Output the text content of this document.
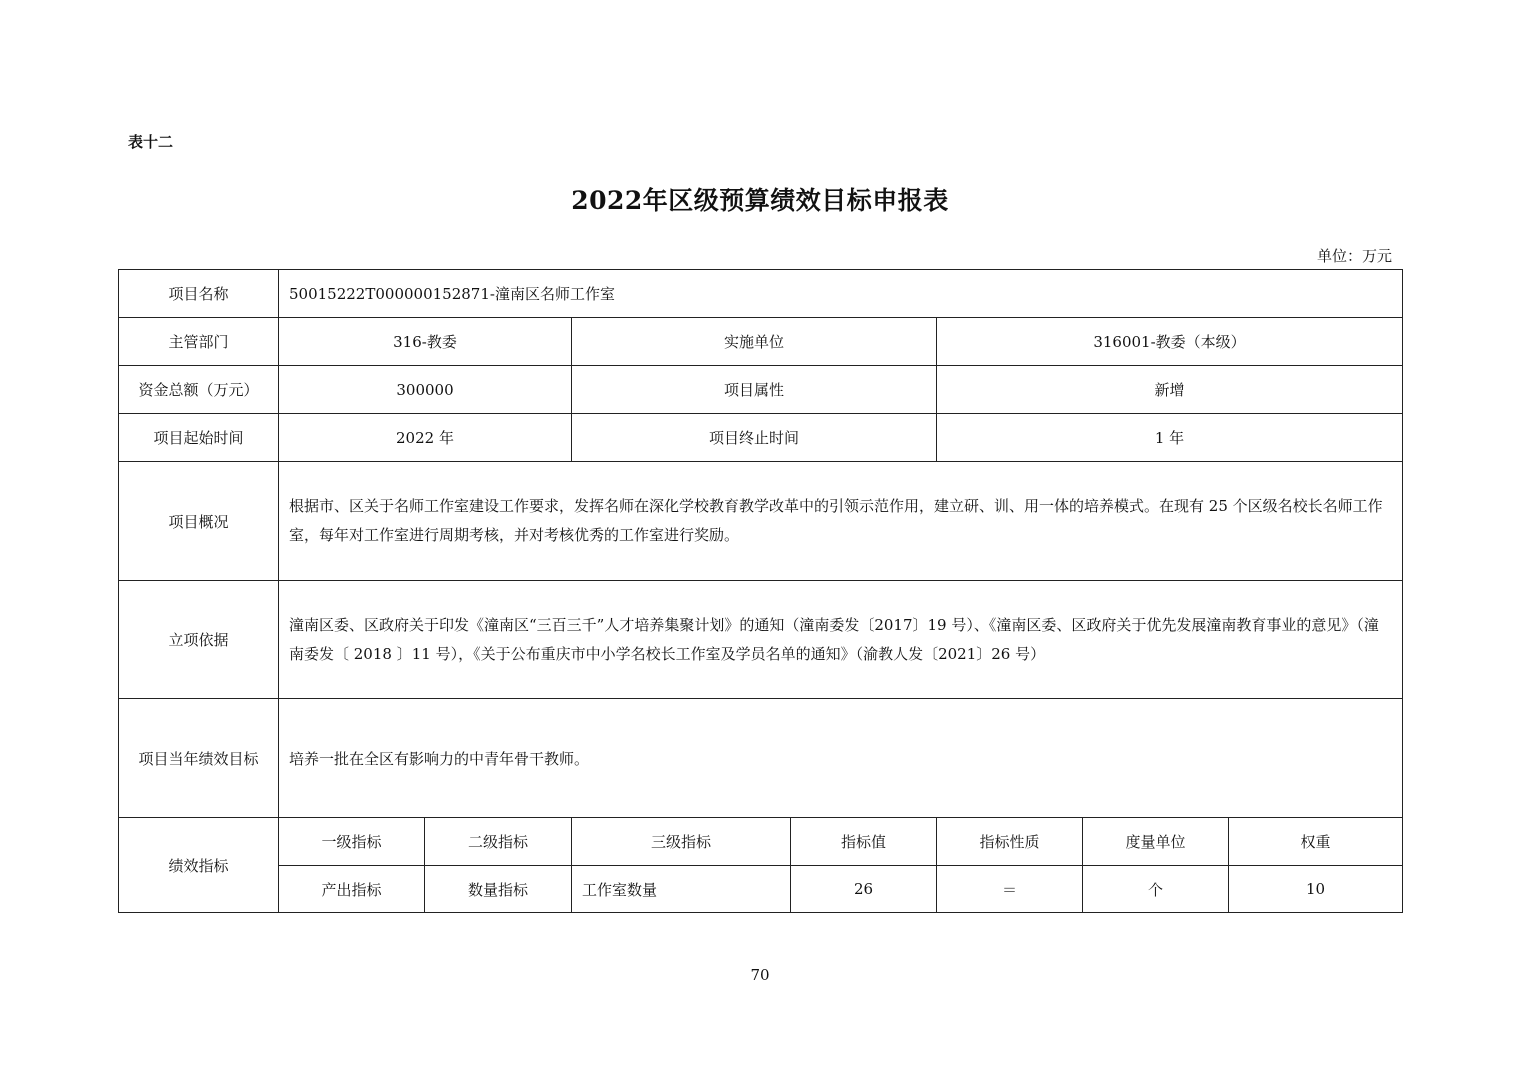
表十二
2022年区级预算绩效目标申报表
单位：万元
项目名称	50015222T000000152871-潼南区名师工作室						
主管部门	316-教委		实施单位		316001-教委（本级）		
资金总额（万元）	300000		项目属性		新增		
项目起始时间	2022 年		项目终止时间		1 年		
项目概况	根据市、区关于名师工作室建设工作要求，发挥名师在深化学校教育教学改革中的引领示范作用，建立研、训、用一体的培养模式。在现有 25 个区级名校长名师工作室，每年对工作室进行周期考核，并对考核优秀的工作室进行奖励。						
立项依据	潼南区委、区政府关于印发《潼南区“三百三千”人才培养集聚计划》的通知（潼南委发〔2017〕19 号）、《潼南区委、区政府关于优先发展潼南教育事业的意见》（潼南委发〔 2018 〕11 号），《关于公布重庆市中小学名校长工作室及学员名单的通知》（渝教人发〔2021〕26 号）						
项目当年绩效目标	培养一批在全区有影响力的中青年骨干教师。						
绩效指标	一级指标	二级指标	三级指标	指标值	指标性质	度量单位	权重
	产出指标	数量指标	工作室数量	26	＝	个	10
70
